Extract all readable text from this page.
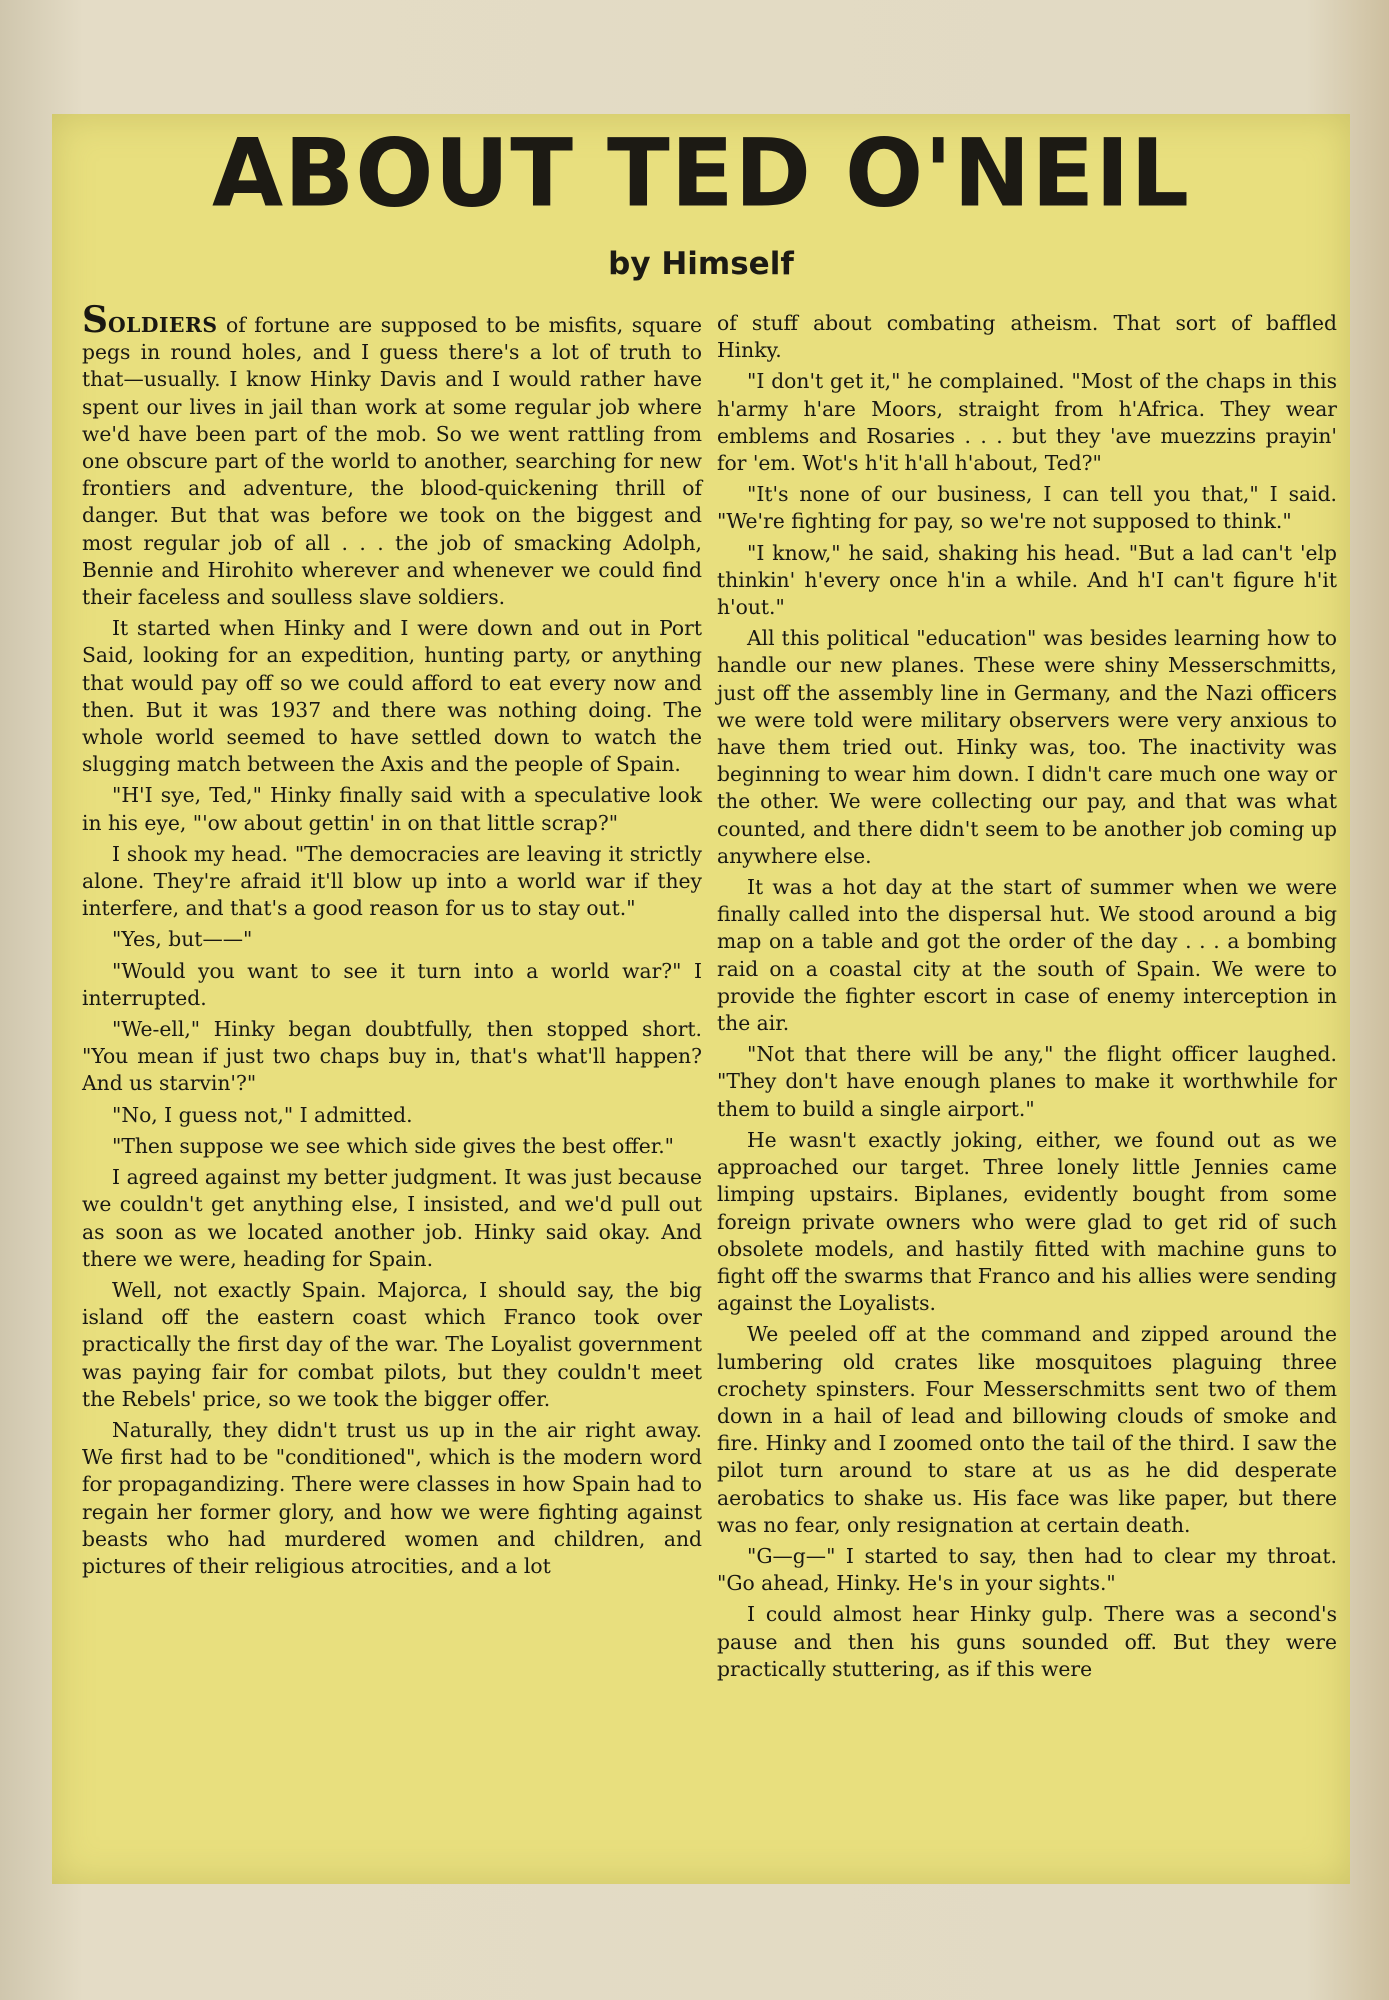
ABOUT TED O'NEIL
by Himself

SOLDIERS of fortune are supposed to be misfits, square pegs in round holes, and I guess there's a lot of truth to that—usually. I know Hinky Davis and I would rather have spent our lives in jail than work at some regular job where we'd have been part of the mob. So we went rattling from one obscure part of the world to another, searching for new frontiers and adventure, the blood-quickening thrill of danger. But that was before we took on the biggest and most regular job of all . . . the job of smacking Adolph, Bennie and Hirohito wherever and whenever we could find their faceless and soulless slave soldiers.

It started when Hinky and I were down and out in Port Said, looking for an expedition, hunting party, or anything that would pay off so we could afford to eat every now and then. But it was 1937 and there was nothing doing. The whole world seemed to have settled down to watch the slugging match between the Axis and the people of Spain.

"H'I sye, Ted," Hinky finally said with a speculative look in his eye, "'ow about gettin' in on that little scrap?"

I shook my head. "The democracies are leaving it strictly alone. They're afraid it'll blow up into a world war if they interfere, and that's a good reason for us to stay out."

"Yes, but——"

"Would you want to see it turn into a world war?" I interrupted.

"We-ell," Hinky began doubtfully, then stopped short. "You mean if just two chaps buy in, that's what'll happen? And us starvin'?"

"No, I guess not," I admitted.

"Then suppose we see which side gives the best offer."

I agreed against my better judgment. It was just because we couldn't get anything else, I insisted, and we'd pull out as soon as we located another job. Hinky said okay. And there we were, heading for Spain.

Well, not exactly Spain. Majorca, I should say, the big island off the eastern coast which Franco took over practically the first day of the war. The Loyalist government was paying fair for combat pilots, but they couldn't meet the Rebels' price, so we took the bigger offer.

Naturally, they didn't trust us up in the air right away. We first had to be "conditioned", which is the modern word for propagandizing. There were classes in how Spain had to regain her former glory, and how we were fighting against beasts who had murdered women and children, and pictures of their religious atrocities, and a lot

of stuff about combating atheism. That sort of baffled Hinky.

"I don't get it," he complained. "Most of the chaps in this h'army h'are Moors, straight from h'Africa. They wear emblems and Rosaries . . . but they 'ave muezzins prayin' for 'em. Wot's h'it h'all h'about, Ted?"

"It's none of our business, I can tell you that," I said. "We're fighting for pay, so we're not supposed to think."

"I know," he said, shaking his head. "But a lad can't 'elp thinkin' h'every once h'in a while. And h'I can't figure h'it h'out."

All this political "education" was besides learning how to handle our new planes. These were shiny Messerschmitts, just off the assembly line in Germany, and the Nazi officers we were told were military observers were very anxious to have them tried out. Hinky was, too. The inactivity was beginning to wear him down. I didn't care much one way or the other. We were collecting our pay, and that was what counted, and there didn't seem to be another job coming up anywhere else.

It was a hot day at the start of summer when we were finally called into the dispersal hut. We stood around a big map on a table and got the order of the day . . . a bombing raid on a coastal city at the south of Spain. We were to provide the fighter escort in case of enemy interception in the air.

"Not that there will be any," the flight officer laughed. "They don't have enough planes to make it worthwhile for them to build a single airport."

He wasn't exactly joking, either, we found out as we approached our target. Three lonely little Jennies came limping upstairs. Biplanes, evidently bought from some foreign private owners who were glad to get rid of such obsolete models, and hastily fitted with machine guns to fight off the swarms that Franco and his allies were sending against the Loyalists.

We peeled off at the command and zipped around the lumbering old crates like mosquitoes plaguing three crochety spinsters. Four Messerschmitts sent two of them down in a hail of lead and billowing clouds of smoke and fire. Hinky and I zoomed onto the tail of the third. I saw the pilot turn around to stare at us as he did desperate aerobatics to shake us. His face was like paper, but there was no fear, only resignation at certain death.

"G—g—" I started to say, then had to clear my throat. "Go ahead, Hinky. He's in your sights."

I could almost hear Hinky gulp. There was a second's pause and then his guns sounded off. But they were practically stuttering, as if this were
